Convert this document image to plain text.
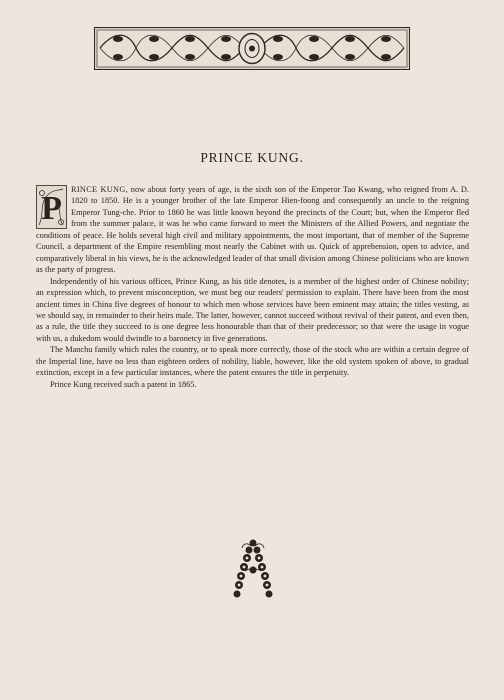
PRINCE KUNG.

P
RINCE KUNG, now about forty years of age, is the sixth son of the Emperor Tao Kwang, who reigned from A. D. 1820 to 1850. He is a younger brother of the late Emperor Hien-foong and consequently an uncle to the reigning Emperor Tung-che. Prior to 1860 he was little known beyond the precincts of the Court; but, when the Emperor fled from the summer palace, it was he who came forward to meet the Ministers of the Allied Powers, and negotiate the conditions of peace. He holds several high civil and military appointments, the most important, that of member of the Supreme Council, a department of the Empire resembling most nearly the Cabinet with us. Quick of apprehension, open to advice, and comparatively liberal in his views, he is the acknowledged leader of that small division among Chinese politicians who are known as the party of progress.

Independently of his various offices, Prince Kung, as his title denotes, is a member of the highest order of Chinese nobility; an expression which, to prevent misconception, we must beg our readers' permission to explain. There have been from the most ancient times in China five degrees of honour to which men whose services have been eminent may attain; the titles vesting, as we should say, in remainder to their heirs male. The latter, however, cannot succeed without revival of their patent, and even then, as a rule, the title they succeed to is one degree less honourable than that of their predecessor; so that were the usage in vogue with us, a dukedom would dwindle to a baronetcy in five generations.

The Manchu family which rules the country, or to speak more correctly, those of the stock who are within a certain degree of the Imperial line, have no less than eighteen orders of nobility, liable, however, like the old system spoken of above, to gradual extinction, except in a few particular instances, where the patent ensures the title in perpetuity.

Prince Kung received such a patent in 1865.
